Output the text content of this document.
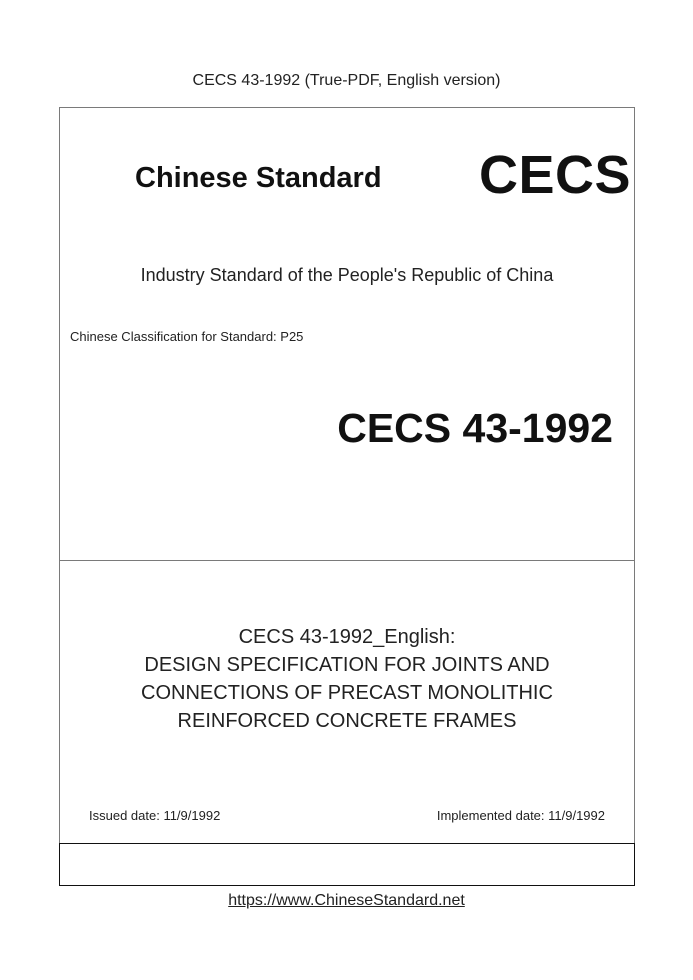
CECS 43-1992 (True-PDF, English version)
Chinese Standard CECS
Industry Standard of the People's Republic of China
Chinese Classification for Standard: P25
CECS 43-1992
CECS 43-1992_English:
DESIGN SPECIFICATION FOR JOINTS AND
CONNECTIONS OF PRECAST MONOLITHIC
REINFORCED CONCRETE FRAMES
Issued date: 11/9/1992	Implemented date: 11/9/1992
https://www.ChineseStandard.net
